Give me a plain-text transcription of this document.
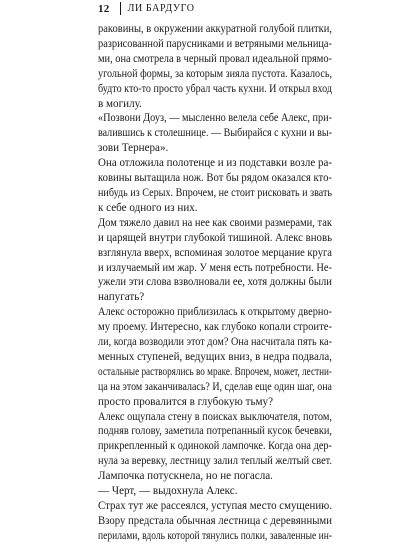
12 ЛИ БАРДУГО
раковины, в окружении аккуратной голубой плитки,
разрисованной парусниками и ветряными мельница-
ми, она смотрела в черный провал идеальной прямо-
угольной формы, за которым зияла пустота. Казалось,
будто кто-то просто убрал часть кухни. И открыл вход
в могилу.
«Позвони Доуз, — мысленно велела себе Алекс, при-
валившись к столешнице. — Выбирайся с кухни и вы-
зови Тернера».
Она отложила полотенце и из подставки возле ра-
ковины вытащила нож. Вот бы рядом оказался кто-
нибудь из Серых. Впрочем, не стоит рисковать и звать
к себе одного из них.
Дом тяжело давил на нее как своими размерами, так
и царящей внутри глубокой тишиной. Алекс вновь
взглянула вверх, вспоминая золотое мерцание круга
и излучаемый им жар. У меня есть потребности. Не-
ужели эти слова взволновали ее, хотя должны были
напугать?
Алекс осторожно приблизилась к открытому дверно-
му проему. Интересно, как глубоко копали строите-
ли, когда возводили этот дом? Она насчитала пять ка-
менных ступеней, ведущих вниз, в недра подвала,
остальные растворялись во мраке. Впрочем, может, лестни-
ца на этом заканчивалась? И, сделав еще один шаг, она
просто провалится в глубокую тьму?
Алекс ощупала стену в поисках выключателя, потом,
подняв голову, заметила потрепанный кусок бечевки,
прикрепленный к одинокой лампочке. Когда она дер-
нула за веревку, лестницу залил теплый желтый свет.
Лампочка потускнела, но не погасла.
— Черт, — выдохнула Алекс.
Страх тут же рассеялся, уступая место смущению.
Взору предстала обычная лестница с деревянными
перилами, вдоль которой тянулись полки, заваленные ин-
